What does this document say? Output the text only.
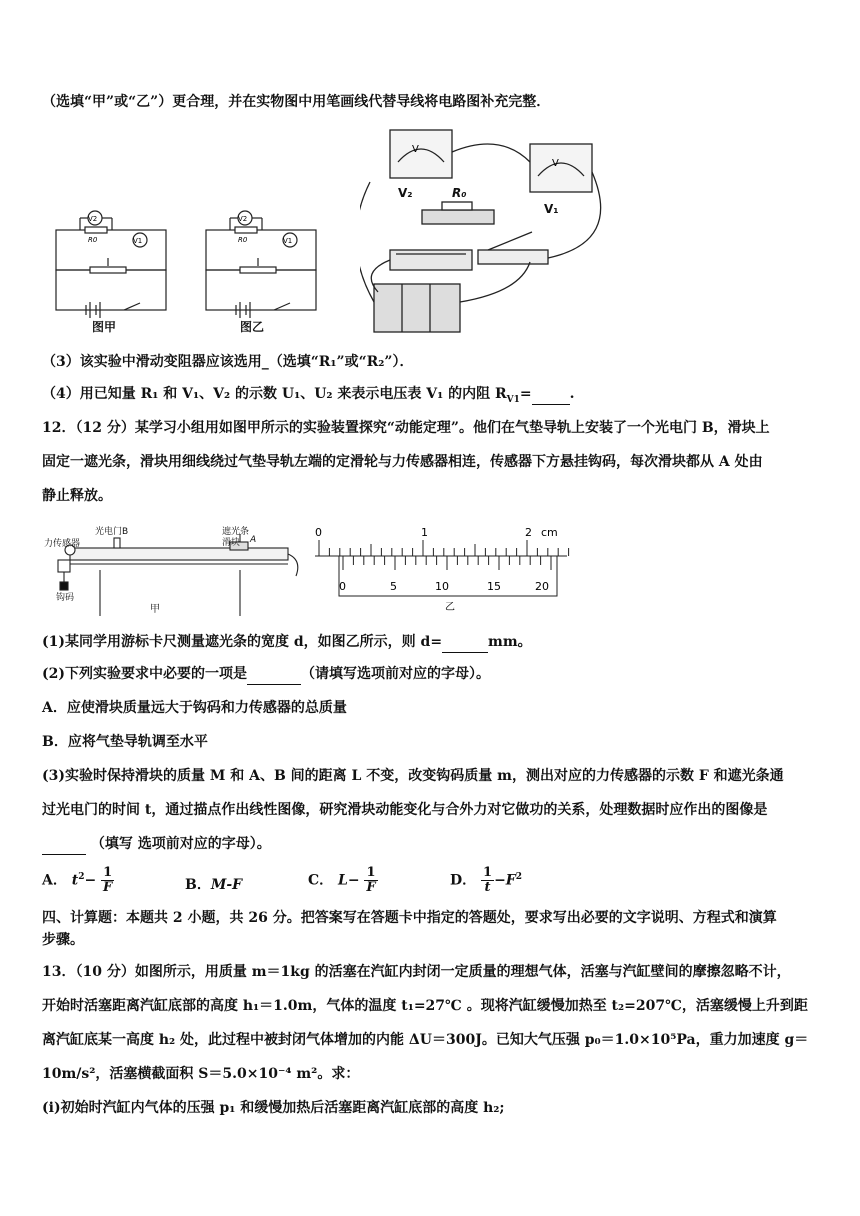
（选填“甲”或“乙”）更合理，并在实物图中用笔画线代替导线将电路图补充完整．
V2
V1
R0
V2
V1
R0
图甲	图乙
V
V
V₂	R₀
V₁
（3）该实验中滑动变阻器应该选用_（选填“R₁”或“R₂”）．
（4）用已知量 R₁ 和 V₁、V₂ 的示数 U₁、U₂ 来表示电压表 V₁ 的内阻 $R_{V1}=$	.
12．（12 分）某学习小组用如图甲所示的实验装置探究“动能定理”。他们在气垫导轨上安装了一个光电门 B，滑块上
固定一遮光条，滑块用细线绕过气垫导轨左端的定滑轮与力传感器相连，传感器下方悬挂钩码，每次滑块都从 A 处由
静止释放。
力传感器
光电门B	遮光条
滑块 A
钩码
甲
0	1	2 cm
0	5	10	15	20
乙
(1)某同学用游标卡尺测量遮光条的宽度 d，如图乙所示，则 d=	mm。
(2)下列实验要求中必要的一项是	（请填写选项前对应的字母）。
A．应使滑块质量远大于钩码和力传感器的总质量
B．应将气垫导轨调至水平
(3)实验时保持滑块的质量 M 和 A、B 间的距离 L 不变，改变钩码质量 m，测出对应的力传感器的示数 F 和遮光条通
过光电门的时间 t，通过描点作出线性图像，研究滑块动能变化与合外力对它做功的关系，处理数据时应作出的图像是
（填写 选项前对应的字母）。
A． $t^2- \frac{1}{F}$	B．M-F	C． $L- \frac{1}{F}$	D． $\frac{1}{t} -F^2$
四、计算题：本题共 2 小题，共 26 分。把答案写在答题卡中指定的答题处，要求写出必要的文字说明、方程式和演算
步骤。
13．（10 分）如图所示，用质量 m＝1kg 的活塞在汽缸内封闭一定质量的理想气体，活塞与汽缸壁间的摩擦忽略不计，
开始时活塞距离汽缸底部的高度 h₁＝1.0m，气体的温度 t₁=27℃ 。现将汽缸缓慢加热至 t₂=207℃，活塞缓慢上升到距
离汽缸底某一高度 h₂ 处，此过程中被封闭气体增加的内能 ΔU＝300J。已知大气压强 p₀＝1.0×10⁵Pa，重力加速度 g＝
10m/s²，活塞横截面积 S＝5.0×10⁻⁴ m²。求：
(ⅰ)初始时汽缸内气体的压强 p₁ 和缓慢加热后活塞距离汽缸底部的高度 h₂;
